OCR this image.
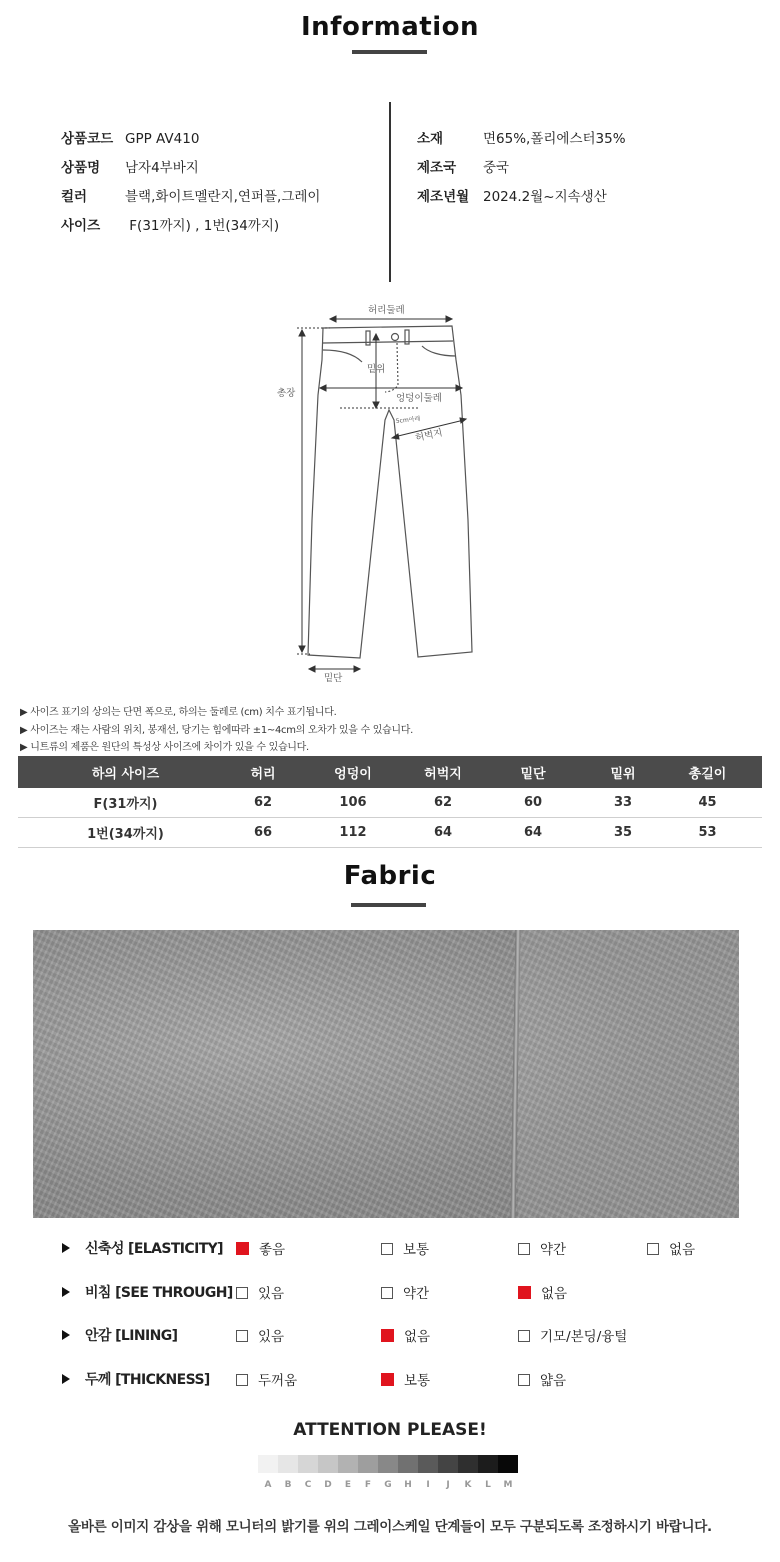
Information
상품코드 GPP AV410
상품명 남자4부바지
컬러	블랙,화이트멜란지,연퍼플,그레이
사이즈 F(31까지) , 1번(34까지)
소재	면65%,폴리에스터35%
제조국 중국
제조년월 2024.2월~지속생산
허리둘레
총장
밑위
엉덩이둘레
5cm아래
허벅지
밑단
▶ 사이즈 표기의 상의는 단면 폭으로, 하의는 둘레로 (cm) 치수 표기됩니다.
▶ 사이즈는 재는 사람의 위치, 봉재선, 당기는 힘에따라 ±1~4cm의 오차가 있을 수 있습니다.
▶ 니트류의 제품은 원단의 특성상 사이즈에 차이가 있을 수 있습니다.
하의 사이즈	허리	엉덩이	허벅지	밑단	밑위	총길이
F(31까지)	62	106	62	60	33	45
1번(34까지)	66	112	64	64	35	53
Fabric
신축성 [ELASTICITY]	좋음	보통	약간	없음
비침 [SEE THROUGH]	있음	약간	없음
안감 [LINING]	있음	없음	기모/본딩/융털
두께 [THICKNESS]	두꺼움	보통	얇음
ATTENTION PLEASE!
A	B	C	D	E	F	G	H	I	J	K	L	M
올바른 이미지 감상을 위해 모니터의 밝기를 위의 그레이스케일 단계들이 모두 구분되도록 조정하시기 바랍니다.
